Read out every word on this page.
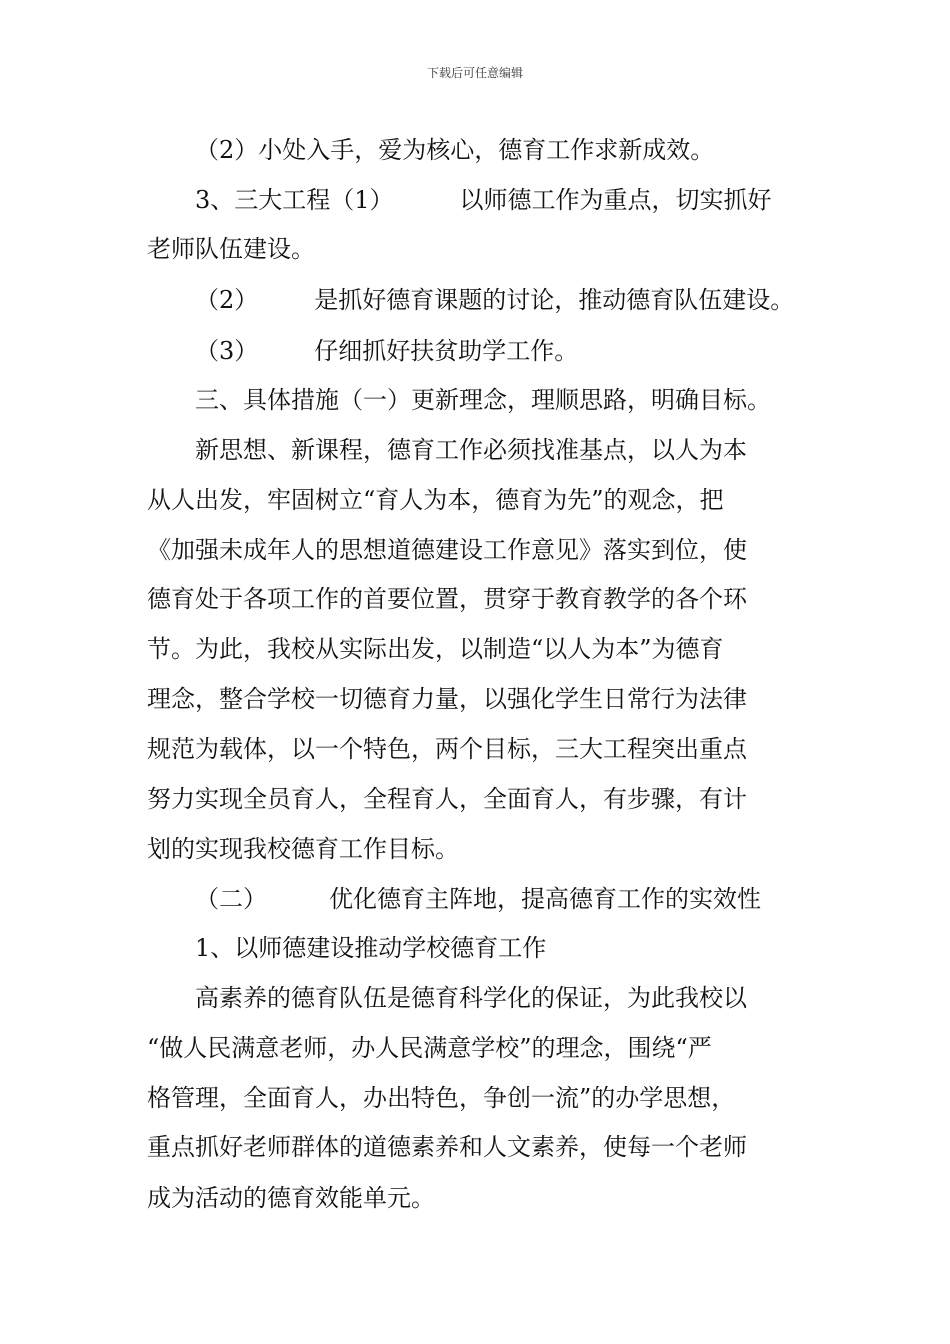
下载后可任意编辑
（2）小处入手，爱为核心，德育工作求新成效。
3、三大工程（1）	以师德工作为重点，切实抓好
老师队伍建设。
（2） 是抓好德育课题的讨论，推动德育队伍建设。
（3） 仔细抓好扶贫助学工作。
三、具体措施（一）更新理念，理顺思路，明确目标。
新思想、新课程，德育工作必须找准基点，以人为本
从人出发，牢固树立“育人为本，德育为先”的观念，把
《加强未成年人的思想道德建设工作意见》落实到位，使
德育处于各项工作的首要位置，贯穿于教育教学的各个环
节。为此，我校从实际出发，以制造“以人为本”为德育
理念，整合学校一切德育力量，以强化学生日常行为法律
规范为载体，以一个特色，两个目标，三大工程突出重点
努力实现全员育人，全程育人，全面育人，有步骤，有计
划的实现我校德育工作目标。
（二）	优化德育主阵地，提高德育工作的实效性
1、以师德建设推动学校德育工作
高素养的德育队伍是德育科学化的保证，为此我校以
“做人民满意老师，办人民满意学校”的理念，围绕“严
格管理，全面育人，办出特色，争创一流”的办学思想，
重点抓好老师群体的道德素养和人文素养，使每一个老师
成为活动的德育效能单元。
